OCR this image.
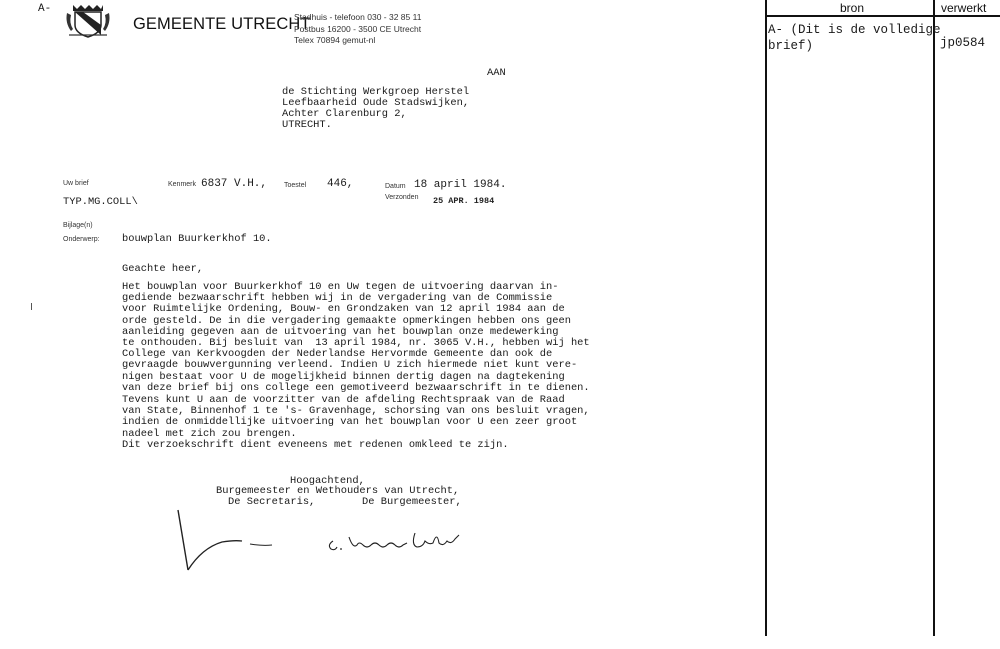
A-
GEMEENTE UTRECHT
Stadhuis - telefoon 030 - 32 85 11
Postbus 16200 - 3500 CE Utrecht
Telex 70894 gemut-nl
AAN
de Stichting Werkgroep Herstel
Leefbaarheid Oude Stadswijken,
Achter Clarenburg 2,
UTRECHT.
Uw brief	Kenmerk 6837 V.H., Toestel 446,	Datum 18 april 1984.
Verzonden 25 APR. 1984
TYP.MG.COLL\
Bijlage(n)
Onderwerp: bouwplan Buurkerkhof 10.
Geachte heer,
Het bouwplan voor Buurkerkhof 10 en Uw tegen de uitvoering daarvan in-
gediende bezwaarschrift hebben wij in de vergadering van de Commissie
voor Ruimtelijke Ordening, Bouw- en Grondzaken van 12 april 1984 aan de
orde gesteld. De in die vergadering gemaakte opmerkingen hebben ons geen
aanleiding gegeven aan de uitvoering van het bouwplan onze medewerking
te onthouden. Bij besluit van  13 april 1984, nr. 3065 V.H., hebben wij het
College van Kerkvoogden der Nederlandse Hervormde Gemeente dan ook de
gevraagde bouwvergunning verleend. Indien U zich hiermede niet kunt vere-
nigen bestaat voor U de mogelijkheid binnen dertig dagen na dagtekening
van deze brief bij ons college een gemotiveerd bezwaarschrift in te dienen.
Tevens kunt U aan de voorzitter van de afdeling Rechtspraak van de Raad
van State, Binnenhof 1 te 's- Gravenhage, schorsing van ons besluit vragen,
indien de onmiddellijke uitvoering van het bouwplan voor U een zeer groot
nadeel met zich zou brengen.
Dit verzoekschrift dient eveneens met redenen omkleed te zijn.
Hoogachtend,
Burgemeester en Wethouders van Utrecht,
De Secretaris,	De Burgemeester,
bron	verwerkt
A- (Dit is de volledige
brief)	jp0584
